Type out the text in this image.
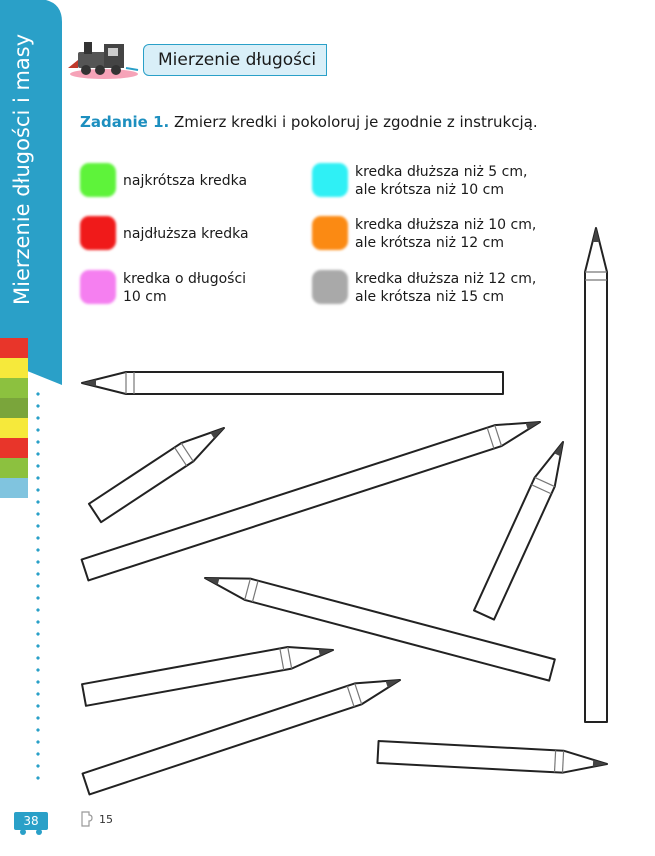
Mierzenie długości i masy
38	15
Mierzenie długości
Zadanie 1. Zmierz kredki i pokoloruj je zgodnie z instrukcją.
najkrótsza kredka
najdłuższa kredka
kredka o długości
10 cm
kredka dłuższa niż 5 cm,
ale krótsza niż 10 cm
kredka dłuższa niż 10 cm,
ale krótsza niż 12 cm
kredka dłuższa niż 12 cm,
ale krótsza niż 15 cm
